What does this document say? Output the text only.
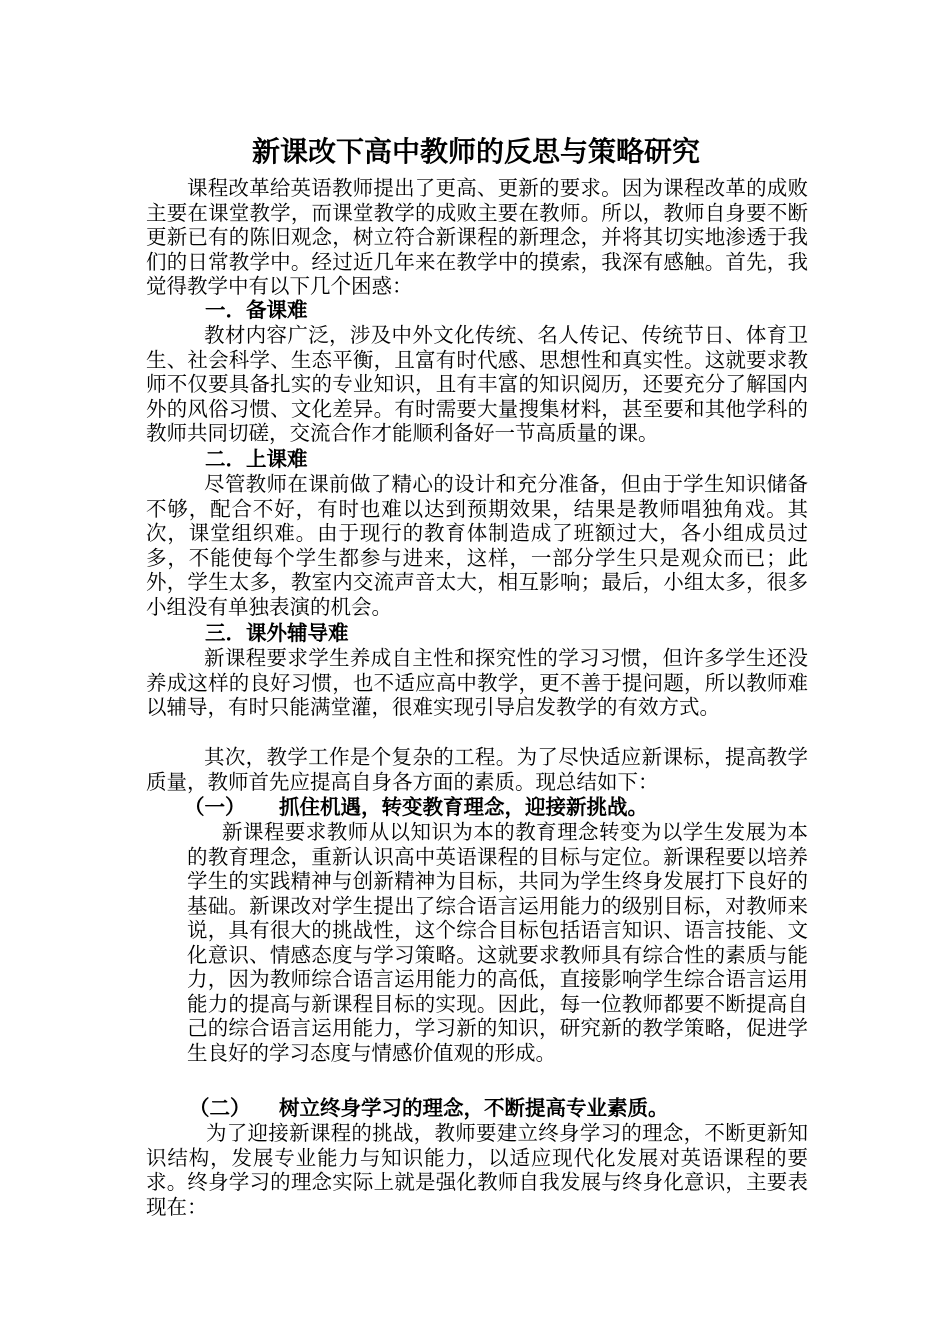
新课改下高中教师的反思与策略研究
课程改革给英语教师提出了更高、更新的要求。因为课程改革的成败主要在课堂教学，而课堂教学的成败主要在教师。所以，教师自身要不断更新已有的陈旧观念，树立符合新课程的新理念，并将其切实地渗透于我们的日常教学中。经过近几年来在教学中的摸索，我深有感触。首先，我觉得教学中有以下几个困惑：
一．备课难
教材内容广泛，涉及中外文化传统、名人传记、传统节日、体育卫生、社会科学、生态平衡，且富有时代感、思想性和真实性。这就要求教师不仅要具备扎实的专业知识，且有丰富的知识阅历，还要充分了解国内外的风俗习惯、文化差异。有时需要大量搜集材料，甚至要和其他学科的教师共同切磋，交流合作才能顺利备好一节高质量的课。
二．上课难
尽管教师在课前做了精心的设计和充分准备，但由于学生知识储备不够，配合不好，有时也难以达到预期效果，结果是教师唱独角戏。其次，课堂组织难。由于现行的教育体制造成了班额过大，各小组成员过多，不能使每个学生都参与进来，这样，一部分学生只是观众而已；此外，学生太多，教室内交流声音太大，相互影响；最后，小组太多，很多小组没有单独表演的机会。
三．课外辅导难
新课程要求学生养成自主性和探究性的学习习惯，但许多学生还没养成这样的良好习惯，也不适应高中教学，更不善于提问题，所以教师难以辅导，有时只能满堂灌，很难实现引导启发教学的有效方式。
其次，教学工作是个复杂的工程。为了尽快适应新课标，提高教学质量，教师首先应提高自身各方面的素质。现总结如下：
（一） 抓住机遇，转变教育理念，迎接新挑战。
新课程要求教师从以知识为本的教育理念转变为以学生发展为本的教育理念，重新认识高中英语课程的目标与定位。新课程要以培养学生的实践精神与创新精神为目标，共同为学生终身发展打下良好的基础。新课改对学生提出了综合语言运用能力的级别目标，对教师来说，具有很大的挑战性，这个综合目标包括语言知识、语言技能、文化意识、情感态度与学习策略。这就要求教师具有综合性的素质与能力，因为教师综合语言运用能力的高低，直接影响学生综合语言运用能力的提高与新课程目标的实现。因此，每一位教师都要不断提高自己的综合语言运用能力，学习新的知识，研究新的教学策略，促进学生良好的学习态度与情感价值观的形成。
（二） 树立终身学习的理念，不断提高专业素质。
为了迎接新课程的挑战，教师要建立终身学习的理念，不断更新知识结构，发展专业能力与知识能力，以适应现代化发展对英语课程的要求。终身学习的理念实际上就是强化教师自我发展与终身化意识，主要表现在：
